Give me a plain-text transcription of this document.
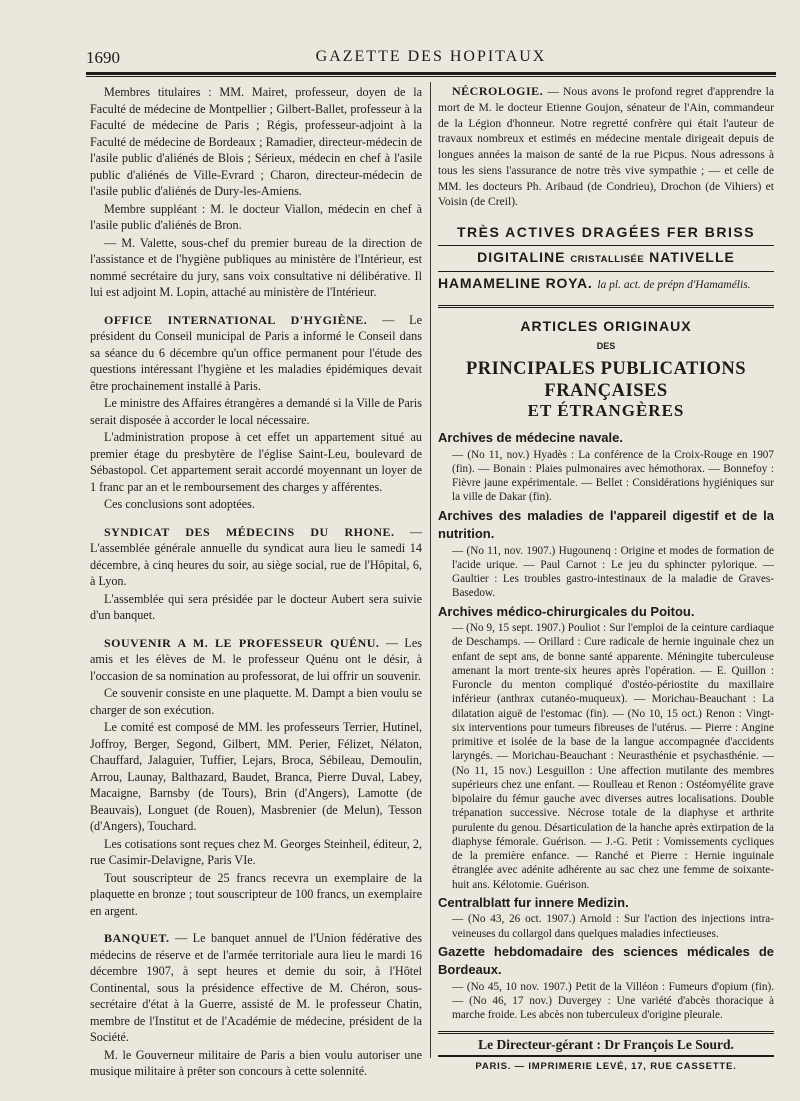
1690	GAZETTE DES HOPITAUX

Membres titulaires : MM. Mairet, professeur, doyen de la Faculté de médecine de Montpellier ; Gilbert-Ballet, professeur à la Faculté de médecine de Paris ; Régis, professeur-adjoint à la Faculté de médecine de Bordeaux ; Ramadier, directeur-médecin de l'asile public d'aliénés de Blois ; Sérieux, médecin en chef à l'asile public d'aliénés de Ville-Evrard ; Charon, directeur-médecin de l'asile public d'aliénés de Dury-les-Amiens.

Membre suppléant : M. le docteur Viallon, médecin en chef à l'asile public d'aliénés de Bron.

— M. Valette, sous-chef du premier bureau de la direction de l'assistance et de l'hygiène publiques au ministère de l'Intérieur, est nommé secrétaire du jury, sans voix consultative ni délibérative. Il lui est adjoint M. Lopin, attaché au ministère de l'Intérieur.

OFFICE INTERNATIONAL D'HYGIÈNE. — Le président du Conseil municipal de Paris a informé le Conseil dans sa séance du 6 décembre qu'un office permanent pour l'étude des questions intéressant l'hygiène et les maladies épidémiques devait être prochainement installé à Paris.

Le ministre des Affaires étrangères a demandé si la Ville de Paris serait disposée à accorder le local nécessaire.

L'administration propose à cet effet un appartement situé au premier étage du presbytère de l'église Saint-Leu, boulevard de Sébastopol. Cet appartement serait accordé moyennant un loyer de 1 franc par an et le remboursement des charges y afférentes.

Ces conclusions sont adoptées.

SYNDICAT DES MÉDECINS DU RHONE. — L'assemblée générale annuelle du syndicat aura lieu le samedi 14 décembre, à cinq heures du soir, au siège social, rue de l'Hôpital, 6, à Lyon.

L'assemblée qui sera présidée par le docteur Aubert sera suivie d'un banquet.

SOUVENIR A M. LE PROFESSEUR QUÉNU. — Les amis et les élèves de M. le professeur Quénu ont le désir, à l'occasion de sa nomination au professorat, de lui offrir un souvenir.

Ce souvenir consiste en une plaquette. M. Dampt a bien voulu se charger de son exécution.

Le comité est composé de MM. les professeurs Terrier, Hutinel, Joffroy, Berger, Segond, Gilbert, MM. Perier, Félizet, Nélaton, Chauffard, Jalaguier, Tuffier, Lejars, Broca, Sébileau, Demoulin, Arrou, Launay, Balthazard, Baudet, Branca, Pierre Duval, Labey, Macaigne, Barnsby (de Tours), Brin (d'Angers), Lamotte (de Beauvais), Longuet (de Rouen), Masbrenier (de Melun), Tesson (d'Angers), Touchard.

Les cotisations sont reçues chez M. Georges Steinheil, éditeur, 2, rue Casimir-Delavigne, Paris VIe.

Tout souscripteur de 25 francs recevra un exemplaire de la plaquette en bronze ; tout souscripteur de 100 francs, un exemplaire en argent.

BANQUET. — Le banquet annuel de l'Union fédérative des médecins de réserve et de l'armée territoriale aura lieu le mardi 16 décembre 1907, à sept heures et demie du soir, à l'Hôtel Continental, sous la présidence effective de M. Chéron, sous-secrétaire d'état à la Guerre, assisté de M. le professeur Chatin, membre de l'Institut et de l'Académie de médecine, président de la Société.

M. le Gouverneur militaire de Paris a bien voulu autoriser une musique militaire à prêter son concours à cette solennité.

NÉCROLOGIE. — Nous avons le profond regret d'apprendre la mort de M. le docteur Etienne Goujon, sénateur de l'Ain, commandeur de la Légion d'honneur. Notre regretté confrère qui était l'auteur de travaux nombreux et estimés en médecine mentale dirigeait depuis de longues années la maison de santé de la rue Picpus. Nous adressons à tous les siens l'assurance de notre très vive sympathie ; — et celle de MM. les docteurs Ph. Aribaud (de Condrieu), Drochon (de Vihiers) et Voisin (de Creil).

TRÈS ACTIVES DRAGÉES FER BRISS
DIGITALINE CRISTALLISÉE NATIVELLE
HAMAMELINE ROYA. la pl. act. de prépn d'Hamamélis.
ARTICLES ORIGINAUX
DES
PRINCIPALES PUBLICATIONS FRANÇAISES
ET ÉTRANGÈRES
Archives de médecine navale.
— (No 11, nov.) Hyadès : La conférence de la Croix-Rouge en 1907 (fin). — Bonain : Plaies pulmonaires avec hémothorax. — Bonnefoy : Fièvre jaune expérimentale. — Bellet : Considérations hygiéniques sur la ville de Dakar (fin).
Archives des maladies de l'appareil digestif et de la nutrition.
— (No 11, nov. 1907.) Hugounenq : Origine et modes de formation de l'acide urique. — Paul Carnot : Le jeu du sphincter pylorique. — Gaultier : Les troubles gastro-intestinaux de la maladie de Graves-Basedow.
Archives médico-chirurgicales du Poitou.
— (No 9, 15 sept. 1907.) Pouliot : Sur l'emploi de la ceinture cardiaque de Deschamps. — Orillard : Cure radicale de hernie inguinale chez un enfant de sept ans, de bonne santé apparente. Méningite tuberculeuse amenant la mort trente-six heures après l'opération. — E. Quillon : Furoncle du menton compliqué d'ostéo-périostite du maxillaire inférieur (anthrax cutanéo-muqueux). — Morichau-Beauchant : La dilatation aiguë de l'estomac (fin). — (No 10, 15 oct.) Renon : Vingt-six interventions pour tumeurs fibreuses de l'utérus. — Pierre : Angine primitive et isolée de la base de la langue accompagnée d'accidents laryngés. — Morichau-Beauchant : Neurasthénie et psychasthénie. — (No 11, 15 nov.) Lesguillon : Une affection mutilante des membres supérieurs chez une enfant. — Roulleau et Renon : Ostéomyélite grave bipolaire du fémur gauche avec diverses autres localisations. Double trépanation successive. Nécrose totale de la diaphyse et arthrite purulente du genou. Désarticulation de la hanche après extirpation de la diaphyse fémorale. Guérison. — J.-G. Petit : Vomissements cycliques de la première enfance. — Ranché et Pierre : Hernie inguinale étranglée avec adénite adhérente au sac chez une femme de soixante-huit ans. Kélotomie. Guérison.
Centralblatt fur innere Medizin.
— (No 43, 26 oct. 1907.) Arnold : Sur l'action des injections intra-veineuses du collargol dans quelques maladies infectieuses.
Gazette hebdomadaire des sciences médicales de Bordeaux.
— (No 45, 10 nov. 1907.) Petit de la Villéon : Fumeurs d'opium (fin). — (No 46, 17 nov.) Duvergey : Une variété d'abcès thoracique à marche froide. Les abcès non tuberculeux d'origine pleurale.
Le Directeur-gérant : Dr François Le Sourd.
PARIS. — IMPRIMERIE LEVÉ, 17, RUE CASSETTE.
